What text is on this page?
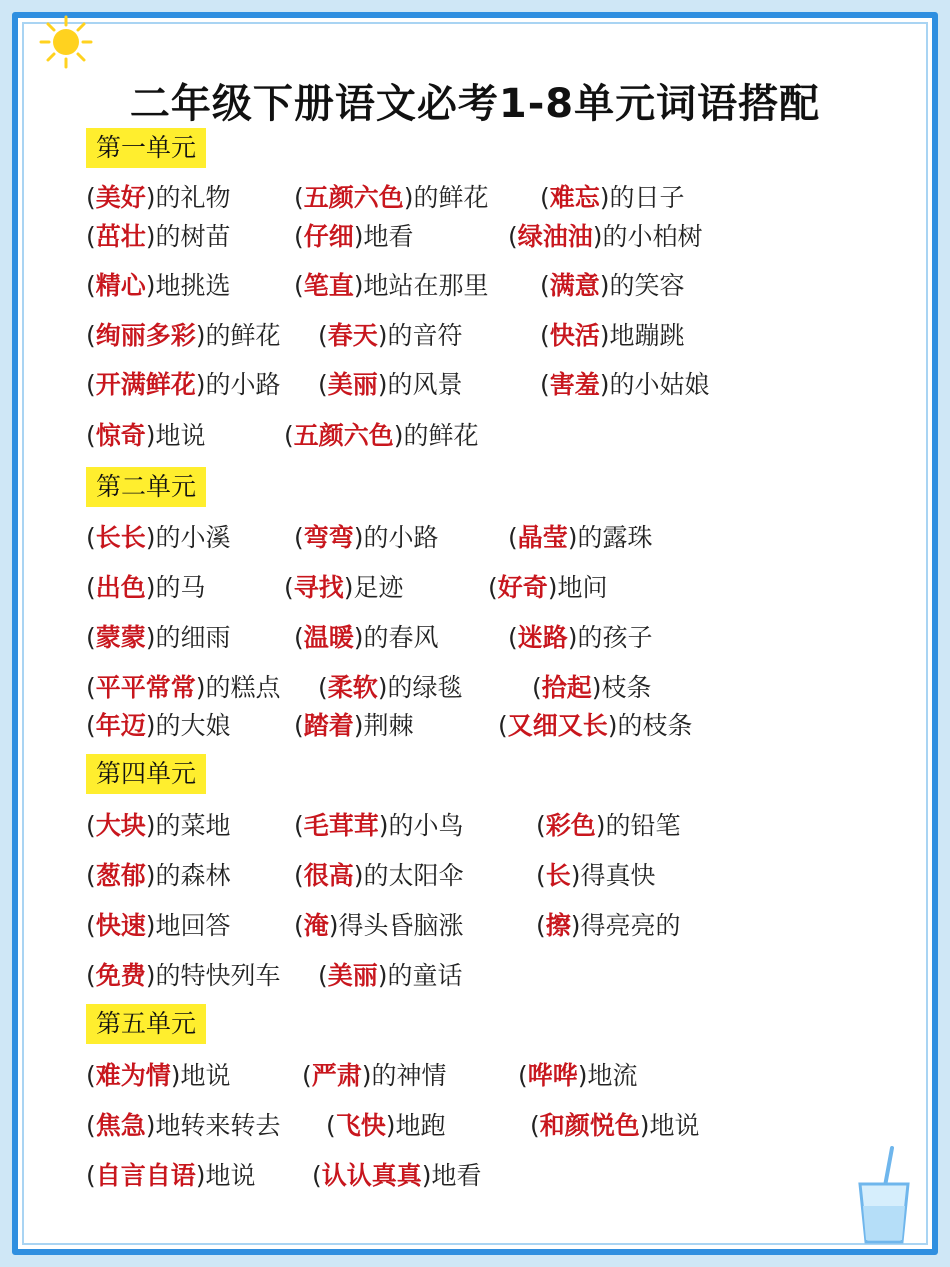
二年级下册语文必考1-8单元词语搭配
第一单元
(美好)的礼物	(五颜六色)的鲜花 (难忘)的日子
(茁壮)的树苗	(仔细)地看	(绿油油)的小柏树
(精心)地挑选	(笔直)地站在那里 (满意)的笑容
(绚丽多彩)的鲜花 (春天)的音符	(快活)地蹦跳
(开满鲜花)的小路 (美丽)的风景	(害羞)的小姑娘
(惊奇)地说	(五颜六色)的鲜花
第二单元
(长长)的小溪	(弯弯)的小路	(晶莹)的露珠
(出色)的马	(寻找)足迹	(好奇)地问
(蒙蒙)的细雨	(温暖)的春风	(迷路)的孩子
(平平常常)的糕点 (柔软)的绿毯	(拾起)枝条
(年迈)的大娘	(踏着)荆棘	(又细又长)的枝条
第四单元
(大块)的菜地	(毛茸茸)的小鸟	(彩色)的铅笔
(葱郁)的森林	(很高)的太阳伞	(长)得真快
(快速)地回答	(淹)得头昏脑涨	(擦)得亮亮的
(免费)的特快列车 (美丽)的童话
第五单元
(难为情)地说	(严肃)的神情	(哗哗)地流
(焦急)地转来转去 (飞快)地跑	(和颜悦色)地说
(自言自语)地说 (认认真真)地看
